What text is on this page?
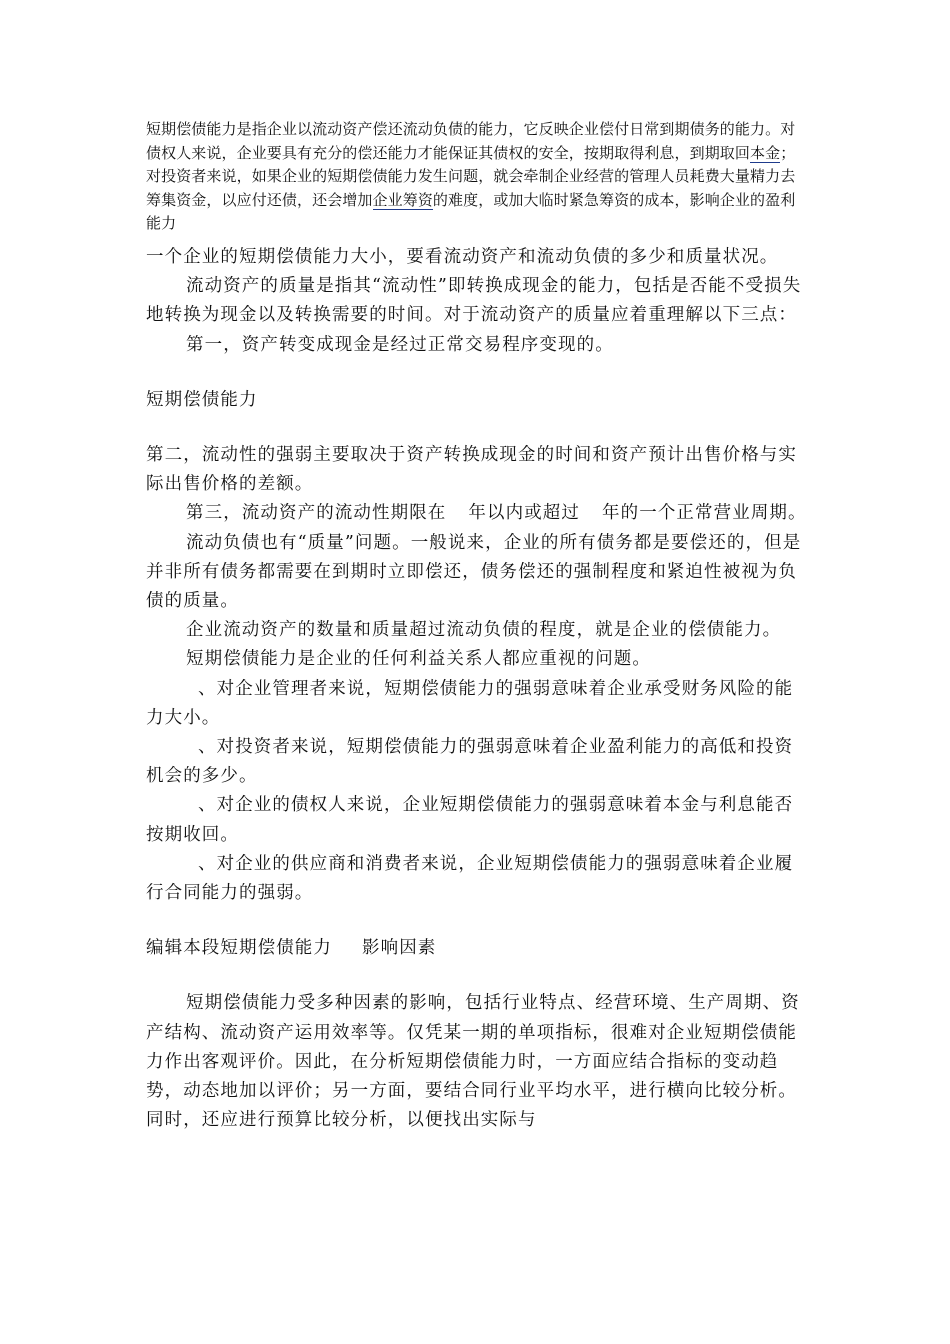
短期偿债能力是指企业以流动资产偿还流动负债的能力，它反映企业偿付日常到期债务的能力。对债权人来说，企业要具有充分的偿还能力才能保证其债权的安全，按期取得利息，到期取回本金；对投资者来说，如果企业的短期偿债能力发生问题，就会牵制企业经营的管理人员耗费大量精力去筹集资金，以应付还债，还会增加企业筹资的难度，或加大临时紧急筹资的成本，影响企业的盈利能力

一个企业的短期偿债能力大小，要看流动资产和流动负债的多少和质量状况。

流动资产的质量是指其“流动性”即转换成现金的能力，包括是否能不受损失地转换为现金以及转换需要的时间。对于流动资产的质量应着重理解以下三点：

第一，资产转变成现金是经过正常交易程序变现的。

短期偿债能力

第二，流动性的强弱主要取决于资产转换成现金的时间和资产预计出售价格与实际出售价格的差额。

第三，流动资产的流动性期限在 年以内或超过 年的一个正常营业周期。

流动负债也有“质量”问题。一般说来，企业的所有债务都是要偿还的，但是并非所有债务都需要在到期时立即偿还，债务偿还的强制程度和紧迫性被视为负债的质量。

企业流动资产的数量和质量超过流动负债的程度，就是企业的偿债能力。

短期偿债能力是企业的任何利益关系人都应重视的问题。

、对企业管理者来说，短期偿债能力的强弱意味着企业承受财务风险的能力大小。

、对投资者来说，短期偿债能力的强弱意味着企业盈利能力的高低和投资机会的多少。

、对企业的债权人来说，企业短期偿债能力的强弱意味着本金与利息能否按期收回。

、对企业的供应商和消费者来说，企业短期偿债能力的强弱意味着企业履行合同能力的强弱。

编辑本段短期偿债能力 影响因素

短期偿债能力受多种因素的影响，包括行业特点、经营环境、生产周期、资产结构、流动资产运用效率等。仅凭某一期的单项指标，很难对企业短期偿债能力作出客观评价。因此，在分析短期偿债能力时，一方面应结合指标的变动趋势，动态地加以评价；另一方面，要结合同行业平均水平，进行横向比较分析。同时，还应进行预算比较分析，以便找出实际与
